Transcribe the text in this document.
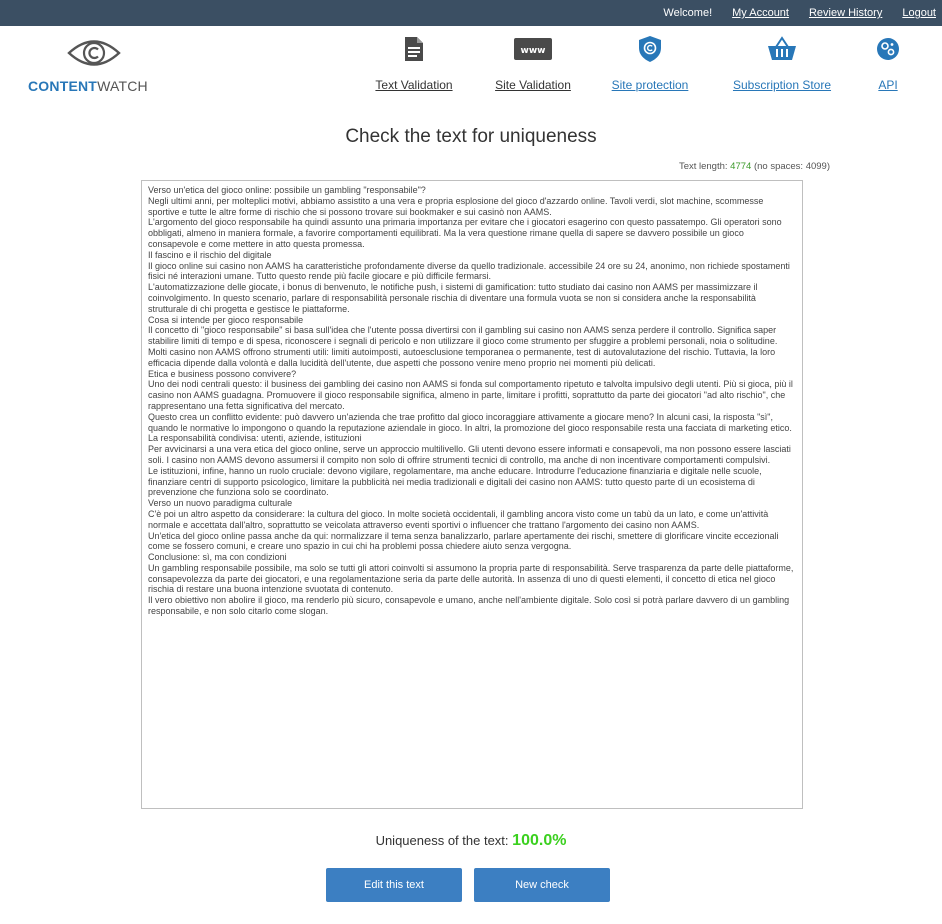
Welcome! My Account Review History Logout
CONTENTWATCH	Text Validation
www
Site Validation	Site protection	Subscription Store	API
Check the text for uniqueness
Text length: 4774 (no spaces: 4099)

Verso un'etica del gioco online: possibile un gambling "responsabile"?

Negli ultimi anni, per molteplici motivi, abbiamo assistito a una vera e propria esplosione del gioco d'azzardo online. Tavoli verdi, slot machine, scommesse sportive e tutte le altre forme di rischio che si possono trovare sui bookmaker e sui casinò non AAMS.

L'argomento del gioco responsabile ha quindi assunto una primaria importanza per evitare che i giocatori esagerino con questo passatempo. Gli operatori sono obbligati, almeno in maniera formale, a favorire comportamenti equilibrati. Ma la vera questione rimane quella di sapere se davvero possibile un gioco consapevole e come mettere in atto questa promessa.

Il fascino e il rischio del digitale

Il gioco online sui casino non AAMS ha caratteristiche profondamente diverse da quello tradizionale. accessibile 24 ore su 24, anonimo, non richiede spostamenti fisici né interazioni umane. Tutto questo rende più facile giocare e più difficile fermarsi.

L'automatizzazione delle giocate, i bonus di benvenuto, le notifiche push, i sistemi di gamification: tutto studiato dai casino non AAMS per massimizzare il coinvolgimento. In questo scenario, parlare di responsabilità personale rischia di diventare una formula vuota se non si considera anche la responsabilità strutturale di chi progetta e gestisce le piattaforme.

Cosa si intende per gioco responsabile

Il concetto di "gioco responsabile" si basa sull'idea che l'utente possa divertirsi con il gambling sui casino non AAMS senza perdere il controllo. Significa saper stabilire limiti di tempo e di spesa, riconoscere i segnali di pericolo e non utilizzare il gioco come strumento per sfuggire a problemi personali, noia o solitudine.

Molti casino non AAMS offrono strumenti utili: limiti autoimposti, autoesclusione temporanea o permanente, test di autovalutazione del rischio. Tuttavia, la loro efficacia dipende dalla volontà e dalla lucidità dell'utente, due aspetti che possono venire meno proprio nei momenti più delicati.

Etica e business possono convivere?

Uno dei nodi centrali questo: il business dei gambling dei casino non AAMS si fonda sul comportamento ripetuto e talvolta impulsivo degli utenti. Più si gioca, più il casino non AAMS guadagna. Promuovere il gioco responsabile significa, almeno in parte, limitare i profitti, soprattutto da parte dei giocatori "ad alto rischio", che rappresentano una fetta significativa del mercato.

Questo crea un conflitto evidente: può davvero un'azienda che trae profitto dal gioco incoraggiare attivamente a giocare meno? In alcuni casi, la risposta "sì", quando le normative lo impongono o quando la reputazione aziendale in gioco. In altri, la promozione del gioco responsabile resta una facciata di marketing etico.

La responsabilità condivisa: utenti, aziende, istituzioni

Per avvicinarsi a una vera etica del gioco online, serve un approccio multilivello. Gli utenti devono essere informati e consapevoli, ma non possono essere lasciati soli. I casino non AAMS devono assumersi il compito non solo di offrire strumenti tecnici di controllo, ma anche di non incentivare comportamenti compulsivi.

Le istituzioni, infine, hanno un ruolo cruciale: devono vigilare, regolamentare, ma anche educare. Introdurre l'educazione finanziaria e digitale nelle scuole, finanziare centri di supporto psicologico, limitare la pubblicità nei media tradizionali e digitali dei casino non AAMS: tutto questo parte di un ecosistema di prevenzione che funziona solo se coordinato.

Verso un nuovo paradigma culturale

C'è poi un altro aspetto da considerare: la cultura del gioco. In molte società occidentali, il gambling ancora visto come un tabù da un lato, e come un'attività normale e accettata dall'altro, soprattutto se veicolata attraverso eventi sportivi o influencer che trattano l'argomento dei casino non AAMS.

Un'etica del gioco online passa anche da qui: normalizzare il tema senza banalizzarlo, parlare apertamente dei rischi, smettere di glorificare vincite eccezionali come se fossero comuni, e creare uno spazio in cui chi ha problemi possa chiedere aiuto senza vergogna.

Conclusione: sì, ma con condizioni

Un gambling responsabile possibile, ma solo se tutti gli attori coinvolti si assumono la propria parte di responsabilità. Serve trasparenza da parte delle piattaforme, consapevolezza da parte dei giocatori, e una regolamentazione seria da parte delle autorità. In assenza di uno di questi elementi, il concetto di etica nel gioco rischia di restare una buona intenzione svuotata di contenuto.

Il vero obiettivo non abolire il gioco, ma renderlo più sicuro, consapevole e umano, anche nell'ambiente digitale. Solo così si potrà parlare davvero di un gambling responsabile, e non solo citarlo come slogan.

Uniqueness of the text: 100.0%
Edit this text	New check
